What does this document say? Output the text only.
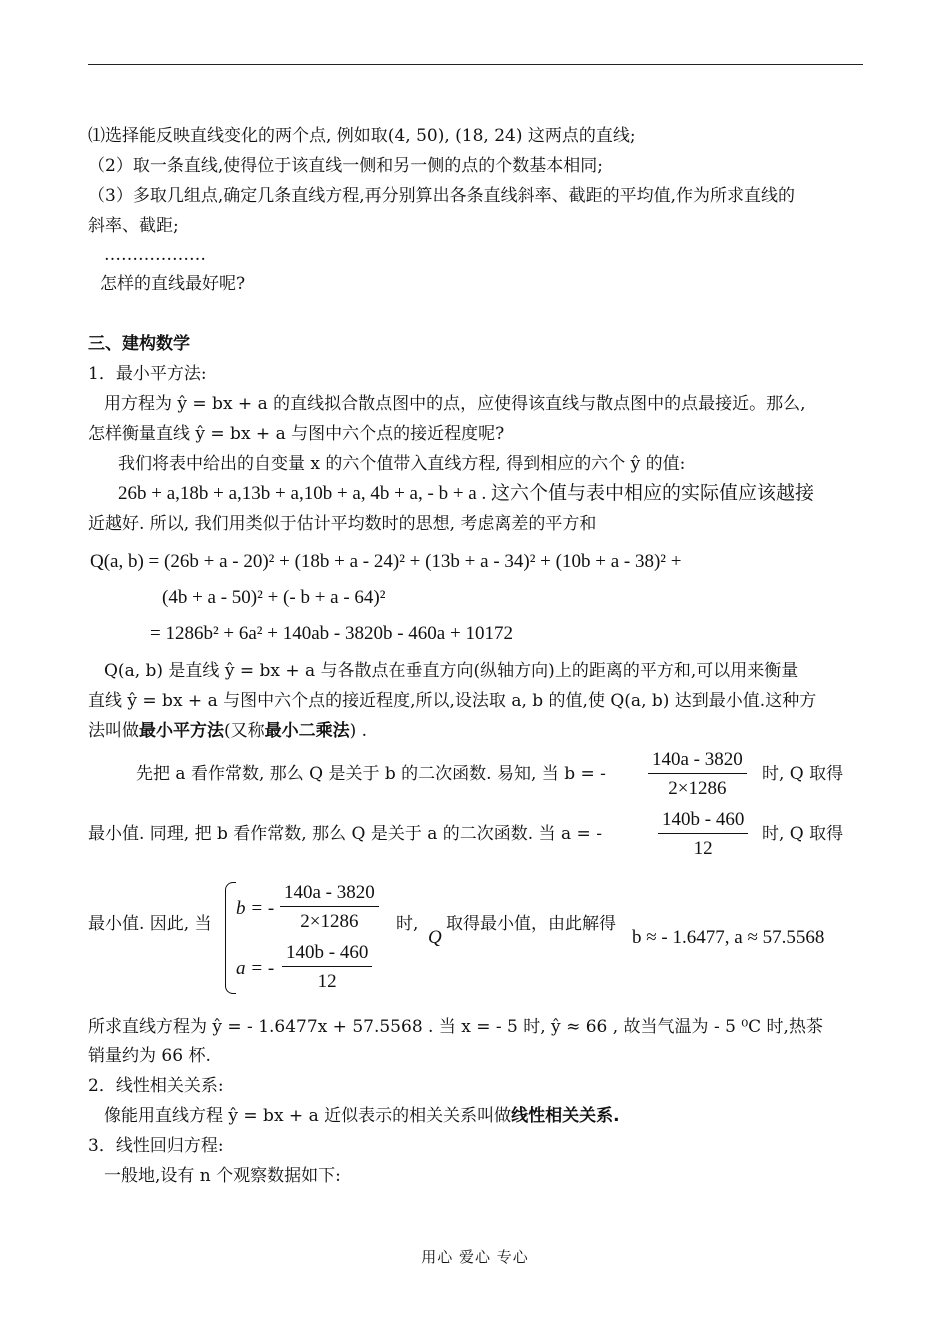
⑴选择能反映直线变化的两个点, 例如取(4, 50), (18, 24) 这两点的直线;
（2）取一条直线,使得位于该直线一侧和另一侧的点的个数基本相同;
（3）多取几组点,确定几条直线方程,再分别算出各条直线斜率、截距的平均值,作为所求直线的
斜率、截距;
………………
怎样的直线最好呢?
三、建构数学
1．最小平方法:
用方程为 ŷ = bx + a 的直线拟合散点图中的点，应使得该直线与散点图中的点最接近。那么,
怎样衡量直线 ŷ = bx + a 与图中六个点的接近程度呢?
我们将表中给出的自变量 x 的六个值带入直线方程, 得到相应的六个 ŷ 的值:
26b + a,18b + a,13b + a,10b + a, 4b + a, - b + a . 这六个值与表中相应的实际值应该越接
近越好. 所以, 我们用类似于估计平均数时的思想, 考虑离差的平方和
Q(a, b) = (26b + a - 20)² + (18b + a - 24)² + (13b + a - 34)² + (10b + a - 38)² +
(4b + a - 50)² + (- b + a - 64)²
= 1286b² + 6a² + 140ab - 3820b - 460a + 10172
Q(a, b) 是直线 ŷ = bx + a 与各散点在垂直方向(纵轴方向)上的距离的平方和,可以用来衡量
直线 ŷ = bx + a 与图中六个点的接近程度,所以,设法取 a, b 的值,使 Q(a, b) 达到最小值.这种方
法叫做最小平方法(又称最小二乘法) .
先把 a 看作常数, 那么 Q 是关于 b 的二次函数. 易知, 当 b = - $\frac{140a - 3820}{2\times 1286}$ 时, Q 取得
最小值. 同理, 把 b 看作常数, 那么 Q 是关于 a 的二次函数. 当 a = -	$\frac{140b - 460}{12}$ 时, Q 取得
最小值. 因此, 当
b = - $\frac{140a - 3820}{2\times 1286}$
a = - $\frac{140b - 460}{12}$
时,
Q
取得最小值，由此解得
b ≈ - 1.6477, a ≈ 57.5568
所求直线方程为 ŷ = - 1.6477x + 57.5568 . 当 x = - 5 时, ŷ ≈ 66 , 故当气温为 - 5 ⁰C 时,热茶
销量约为 66 杯.
2．线性相关关系:
像能用直线方程 ŷ = bx + a 近似表示的相关关系叫做线性相关关系.
3．线性回归方程:
一般地,设有 n 个观察数据如下:
用心 爱心 专心
